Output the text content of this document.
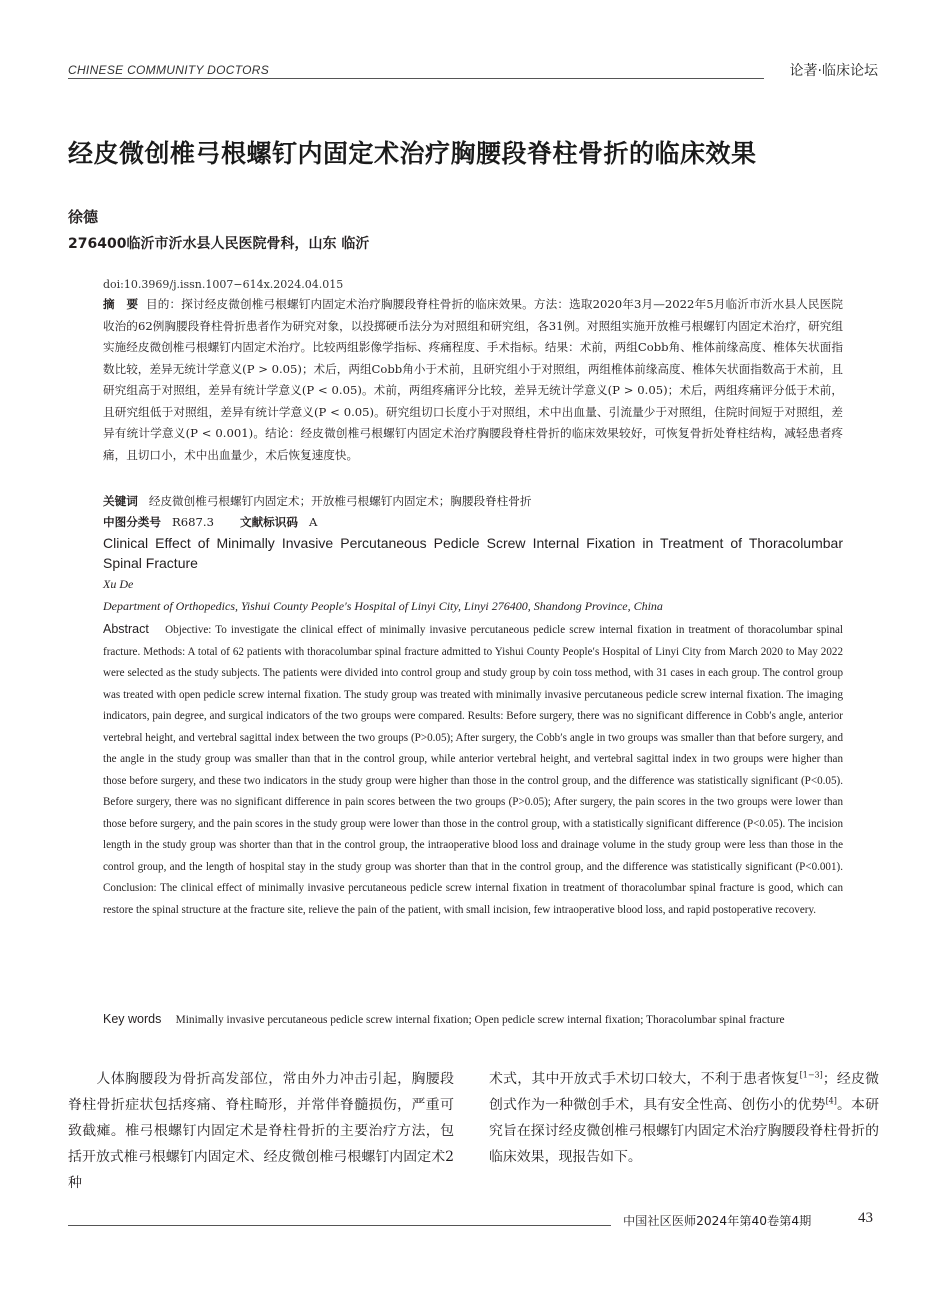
CHINESE COMMUNITY DOCTORS	论著·临床论坛
经皮微创椎弓根螺钉内固定术治疗胸腰段脊柱骨折的临床效果
徐德
276400临沂市沂水县人民医院骨科，山东 临沂
doi:10.3969/j.issn.1007−614x.2024.04.015
摘　要 目的：探讨经皮微创椎弓根螺钉内固定术治疗胸腰段脊柱骨折的临床效果。方法：选取2020年3月—2022年5月临沂市沂水县人民医院收治的62例胸腰段脊柱骨折患者作为研究对象，以投掷硬币法分为对照组和研究组，各31例。对照组实施开放椎弓根螺钉内固定术治疗，研究组实施经皮微创椎弓根螺钉内固定术治疗。比较两组影像学指标、疼痛程度、手术指标。结果：术前，两组Cobb角、椎体前缘高度、椎体矢状面指数比较，差异无统计学意义(P > 0.05)；术后，两组Cobb角小于术前，且研究组小于对照组，两组椎体前缘高度、椎体矢状面指数高于术前，且研究组高于对照组，差异有统计学意义(P < 0.05)。术前，两组疼痛评分比较，差异无统计学意义(P > 0.05)；术后，两组疼痛评分低于术前，且研究组低于对照组，差异有统计学意义(P < 0.05)。研究组切口长度小于对照组，术中出血量、引流量少于对照组，住院时间短于对照组，差异有统计学意义(P < 0.001)。结论：经皮微创椎弓根螺钉内固定术治疗胸腰段脊柱骨折的临床效果较好，可恢复骨折处脊柱结构，减轻患者疼痛，且切口小，术中出血量少，术后恢复速度快。
关键词 经皮微创椎弓根螺钉内固定术；开放椎弓根螺钉内固定术；胸腰段脊柱骨折
中图分类号 R687.3 文献标识码 A
Clinical Effect of Minimally Invasive Percutaneous Pedicle Screw Internal Fixation in Treatment of Thoracolumbar Spinal Fracture
Xu De
Department of Orthopedics, Yishui County People′s Hospital of Linyi City, Linyi 276400, Shandong Province, China
Abstract Objective: To investigate the clinical effect of minimally invasive percutaneous pedicle screw internal fixation in treatment of thoracolumbar spinal fracture. Methods: A total of 62 patients with thoracolumbar spinal fracture admitted to Yishui County People′s Hospital of Linyi City from March 2020 to May 2022 were selected as the study subjects. The patients were divided into control group and study group by coin toss method, with 31 cases in each group. The control group was treated with open pedicle screw internal fixation. The study group was treated with minimally invasive percutaneous pedicle screw internal fixation. The imaging indicators, pain degree, and surgical indicators of the two groups were compared. Results: Before surgery, there was no significant difference in Cobb′s angle, anterior vertebral height, and vertebral sagittal index between the two groups (P>0.05); After surgery, the Cobb′s angle in two groups was smaller than that before surgery, and the angle in the study group was smaller than that in the control group, while anterior vertebral height, and vertebral sagittal index in two groups were higher than those before surgery, and these two indicators in the study group were higher than those in the control group, and the difference was statistically significant (P<0.05). Before surgery, there was no significant difference in pain scores between the two groups (P>0.05); After surgery, the pain scores in the two groups were lower than those before surgery, and the pain scores in the study group were lower than those in the control group, with a statistically significant difference (P<0.05). The incision length in the study group was shorter than that in the control group, the intraoperative blood loss and drainage volume in the study group were less than those in the control group, and the length of hospital stay in the study group was shorter than that in the control group, and the difference was statistically significant (P<0.001). Conclusion: The clinical effect of minimally invasive percutaneous pedicle screw internal fixation in treatment of thoracolumbar spinal fracture is good, which can restore the spinal structure at the fracture site, relieve the pain of the patient, with small incision, few intraoperative blood loss, and rapid postoperative recovery.
Key words Minimally invasive percutaneous pedicle screw internal fixation; Open pedicle screw internal fixation; Thoracolumbar spinal fracture
人体胸腰段为骨折高发部位，常由外力冲击引起，胸腰段脊柱骨折症状包括疼痛、脊柱畸形，并常伴脊髓损伤，严重可致截瘫。椎弓根螺钉内固定术是脊柱骨折的主要治疗方法，包括开放式椎弓根螺钉内固定术、经皮微创椎弓根螺钉内固定术2种
术式，其中开放式手术切口较大，不利于患者恢复[1−3]；经皮微创式作为一种微创手术，具有安全性高、创伤小的优势[4]。本研究旨在探讨经皮微创椎弓根螺钉内固定术治疗胸腰段脊柱骨折的临床效果，现报告如下。
中国社区医师2024年第40卷第4期	43
